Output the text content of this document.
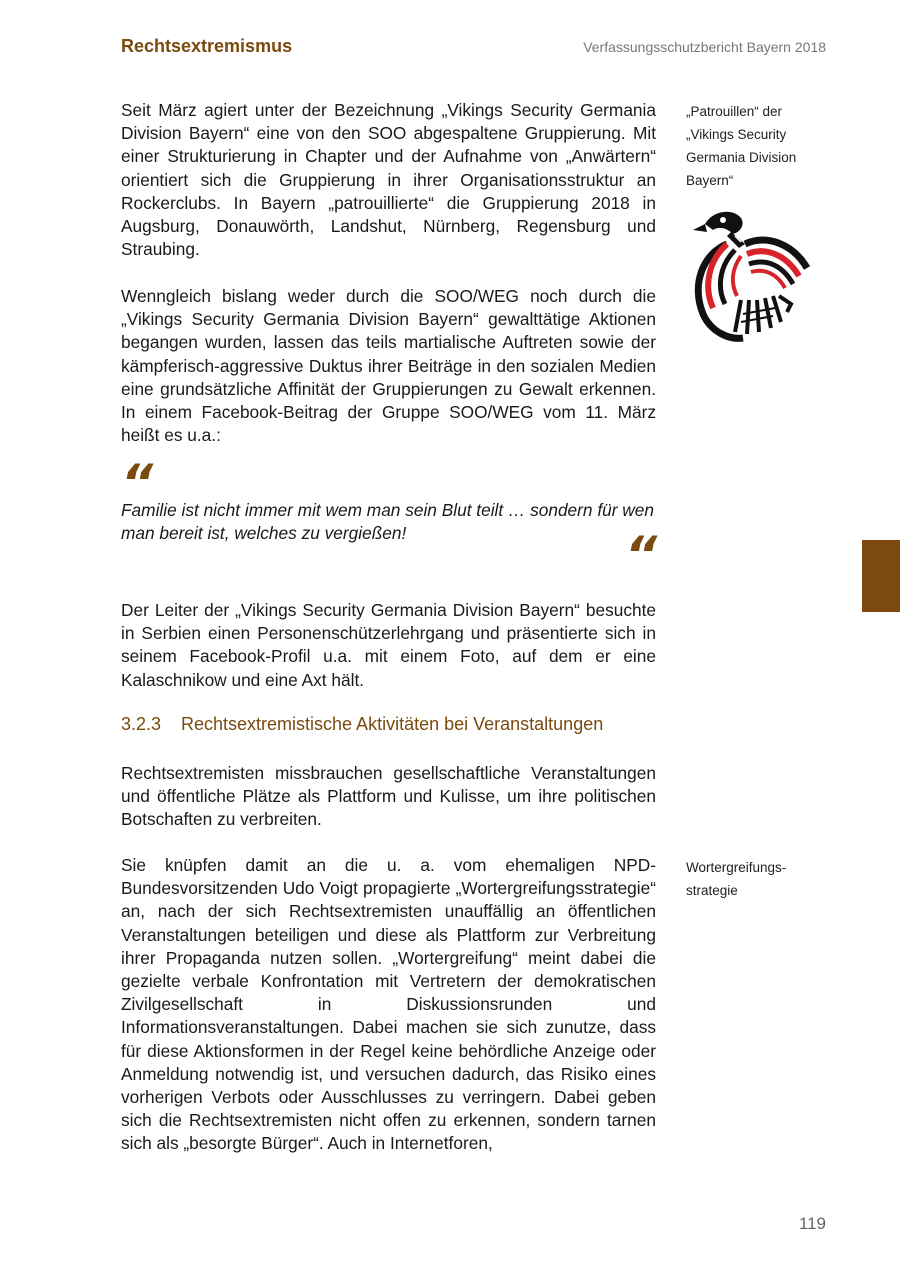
Rechtsextremismus	Verfassungsschutzbericht Bayern 2018
Seit März agiert unter der Bezeichnung „Vikings Security Germania Division Bayern“ eine von den SOO abgespaltene Gruppierung. Mit einer Strukturierung in Chapter und der Aufnahme von „Anwärtern“ orientiert sich die Gruppierung in ihrer Organisationsstruktur an Rockerclubs. In Bayern „patrouillierte“ die Gruppierung 2018 in Augsburg, Donauwörth, Landshut, Nürnberg, Regensburg und Straubing.
Wenngleich bislang weder durch die SOO/WEG noch durch die „Vikings Security Germania Division Bayern“ gewalttätige Aktionen begangen wurden, lassen das teils martialische Auftreten sowie der kämpferisch-aggressive Duktus ihrer Beiträge in den sozialen Medien eine grundsätzliche Affinität der Gruppierungen zu Gewalt erkennen. In einem Facebook-Beitrag der Gruppe SOO/WEG vom 11. März heißt es u.a.:
“
Familie ist nicht immer mit wem man sein Blut teilt … sondern für wen man bereit ist, welches zu vergießen!	“
Der Leiter der „Vikings Security Germania Division Bayern“ besuchte in Serbien einen Personenschützerlehrgang und präsentierte sich in seinem Facebook-Profil u.a. mit einem Foto, auf dem er eine Kalaschnikow und eine Axt hält.
3.2.3 Rechtsextremistische Aktivitäten bei Veranstaltungen
Rechtsextremisten missbrauchen gesellschaftliche Veranstaltungen und öffentliche Plätze als Plattform und Kulisse, um ihre politischen Botschaften zu verbreiten.
Sie knüpfen damit an die u. a. vom ehemaligen NPD-Bundesvorsitzenden Udo Voigt propagierte „Wortergreifungsstrategie“ an, nach der sich Rechtsextremisten unauffällig an öffentlichen Veranstaltungen beteiligen und diese als Plattform zur Verbreitung ihrer Propaganda nutzen sollen. „Wortergreifung“ meint dabei die gezielte verbale Konfrontation mit Vertretern der demokratischen Zivilgesellschaft in Diskussionsrunden und Informationsveranstaltungen. Dabei machen sie sich zunutze, dass für diese Aktionsformen in der Regel keine behördliche Anzeige oder Anmeldung notwendig ist, und versuchen dadurch, das Risiko eines vorherigen Verbots oder Ausschlusses zu verringern. Dabei geben sich die Rechtsextremisten nicht offen zu erkennen, sondern tarnen sich als „besorgte Bürger“. Auch in Internetforen,
„Patrouillen“ der „Vikings Security Germania Division Bayern“
Wortergreifungs-strategie
119
